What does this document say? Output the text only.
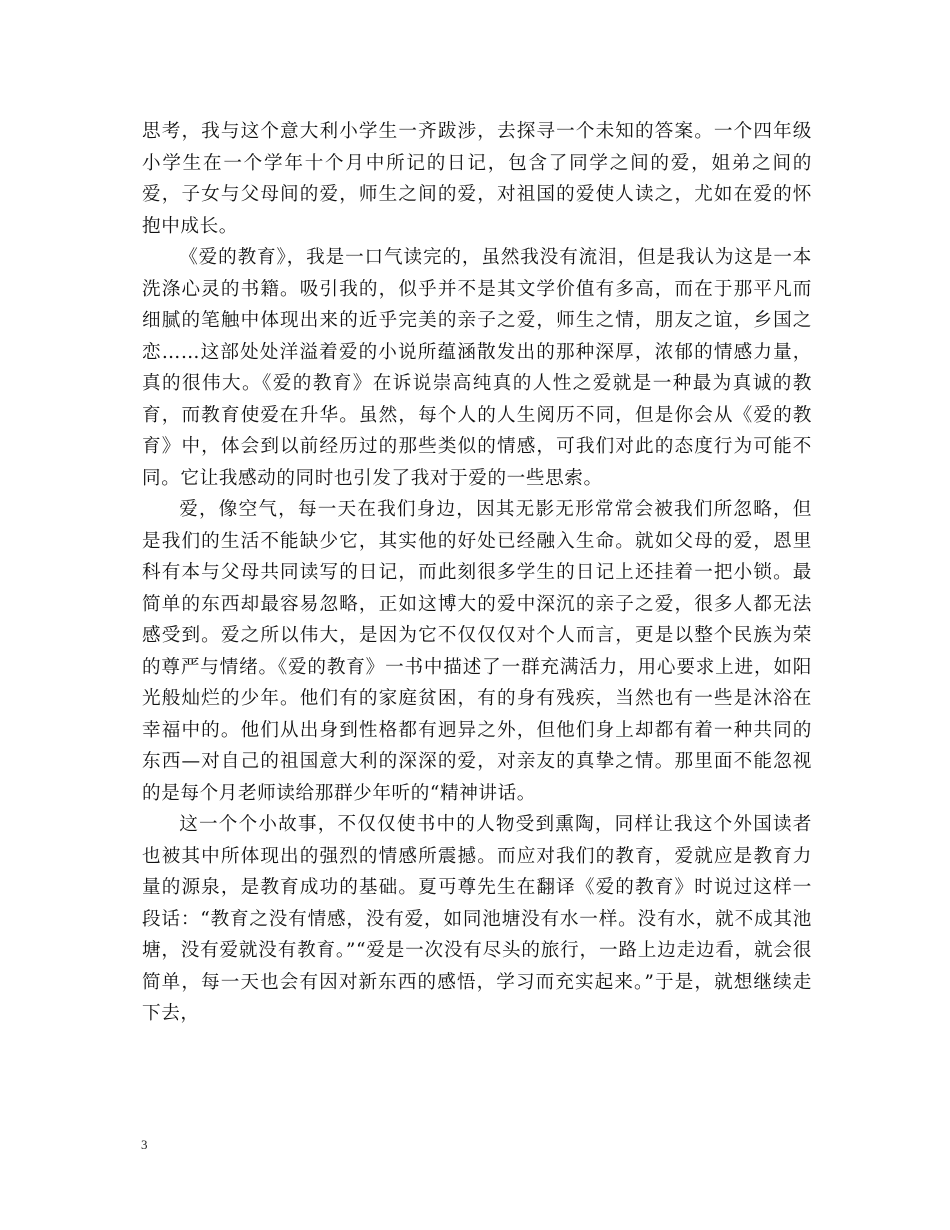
思考，我与这个意大利小学生一齐跋涉，去探寻一个未知的答案。一个四年级小学生在一个学年十个月中所记的日记，包含了同学之间的爱，姐弟之间的爱，子女与父母间的爱，师生之间的爱，对祖国的爱使人读之，尤如在爱的怀抱中成长。

《爱的教育》，我是一口气读完的，虽然我没有流泪，但是我认为这是一本洗涤心灵的书籍。吸引我的，似乎并不是其文学价值有多高，而在于那平凡而细腻的笔触中体现出来的近乎完美的亲子之爱，师生之情，朋友之谊，乡国之恋……这部处处洋溢着爱的小说所蕴涵散发出的那种深厚，浓郁的情感力量，真的很伟大。《爱的教育》在诉说崇高纯真的人性之爱就是一种最为真诚的教育，而教育使爱在升华。虽然，每个人的人生阅历不同，但是你会从《爱的教育》中，体会到以前经历过的那些类似的情感，可我们对此的态度行为可能不同。它让我感动的同时也引发了我对于爱的一些思索。

爱，像空气，每一天在我们身边，因其无影无形常常会被我们所忽略，但是我们的生活不能缺少它，其实他的好处已经融入生命。就如父母的爱，恩里科有本与父母共同读写的日记，而此刻很多学生的日记上还挂着一把小锁。最简单的东西却最容易忽略，正如这博大的爱中深沉的亲子之爱，很多人都无法感受到。爱之所以伟大，是因为它不仅仅仅对个人而言，更是以整个民族为荣的尊严与情绪。《爱的教育》一书中描述了一群充满活力，用心要求上进，如阳光般灿烂的少年。他们有的家庭贫困，有的身有残疾，当然也有一些是沐浴在幸福中的。他们从出身到性格都有迥异之外，但他们身上却都有着一种共同的东西—对自己的祖国意大利的深深的爱，对亲友的真挚之情。那里面不能忽视的是每个月老师读给那群少年听的“精神讲话。

这一个个小故事，不仅仅使书中的人物受到熏陶，同样让我这个外国读者也被其中所体现出的强烈的情感所震撼。而应对我们的教育，爱就应是教育力量的源泉，是教育成功的基础。夏丏尊先生在翻译《爱的教育》时说过这样一段话：“教育之没有情感，没有爱，如同池塘没有水一样。没有水，就不成其池塘，没有爱就没有教育。”“爱是一次没有尽头的旅行，一路上边走边看，就会很简单，每一天也会有因对新东西的感悟，学习而充实起来。”于是，就想继续走下去，

3
